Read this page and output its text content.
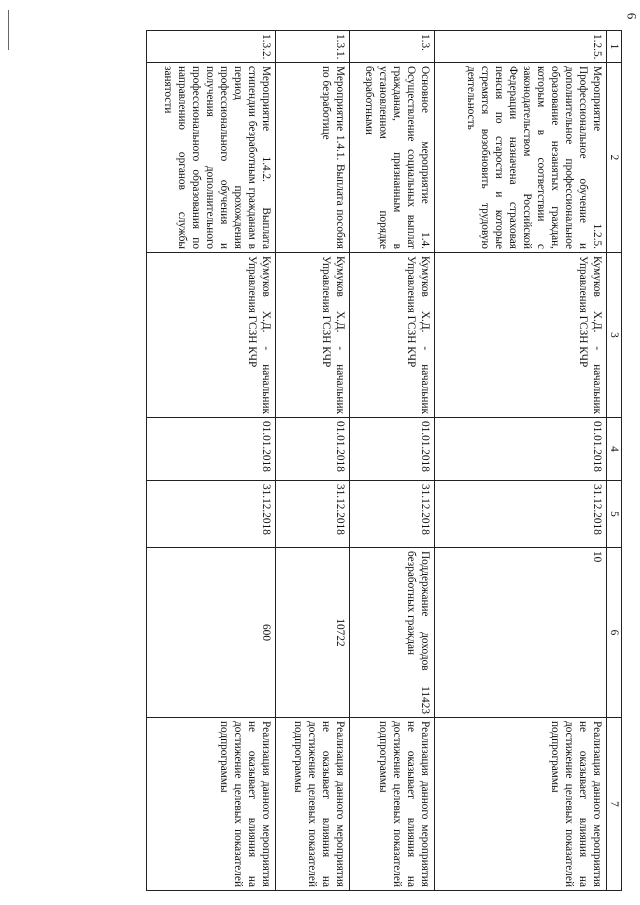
6
1	2	3	4	5	6	7
1.2.5.	Мероприятие 1.2.5. Профессиональное обучение и дополнительное профессиональное образование незанятых граждан, которым в соответствии с законодательством Российской Федерации назначена страховая пенсия по старости и которые стремятся возобновить трудовую деятельность	Кумуков Х.Д. - начальник Управления ГСЗН КЧР	01.01.2018	31.12.2018	10	Реализация данного мероприятия не оказывает влияния на достижение целевых показателей подпрограммы
1.3.	Основное мероприятие 1.4. Осуществление социальных выплат гражданам, признанным в установленном порядке безработными	Кумуков Х.Д. - начальник Управления ГСЗН КЧР	01.01.2018	31.12.2018	Поддержание доходов 11423 безработных граждан	Реализация данного мероприятия не оказывает влияния на достижение целевых показателей подпрограммы
1.3.1.	Мероприятие 1.4.1. Выплата пособия по безработице	Кумуков Х.Д. - начальник Управления ГСЗН КЧР	01.01.2018	31.12.2018	10722	Реализация данного мероприятия не оказывает влияния на достижение целевых показателей подпрограммы
1.3.2.	Мероприятие 1.4.2. Выплата стипендии безработным гражданам в период прохождения профессионального обучения и получения дополнительного профессионального образования по направлению органов службы занятости	Кумуков Х.Д. - начальник Управления ГСЗН КЧР	01.01.2018	31.12.2018	600	Реализация данного мероприятия не оказывает влияния на достижение целевых показателей подпрограммы
